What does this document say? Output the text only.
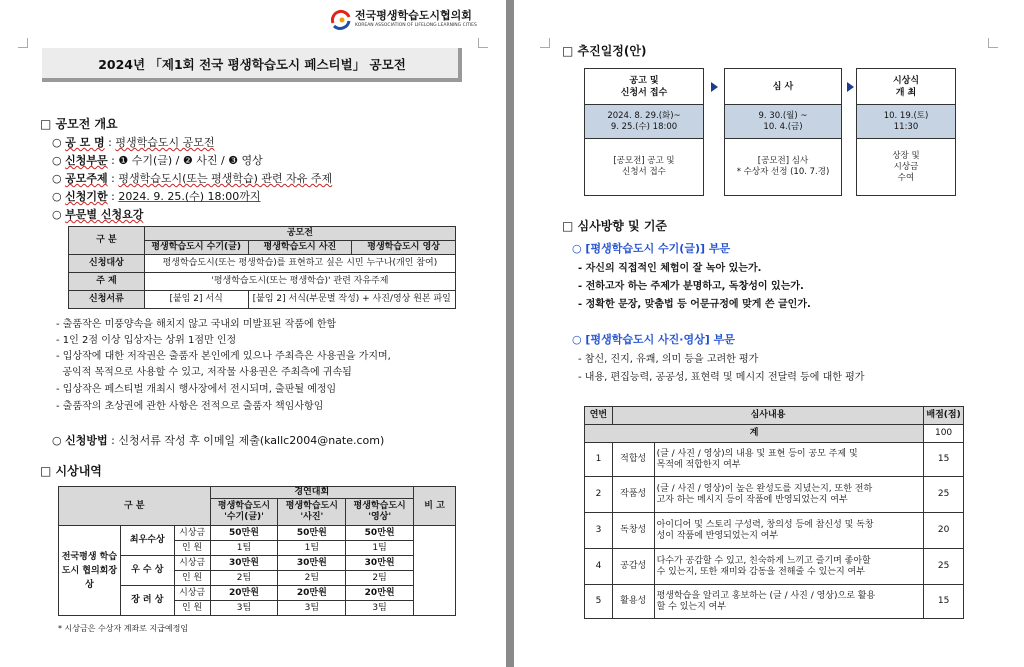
전국평생학습도시협의회
KOREAN ASSOCIATION OF LIFELONG LEARNING CITIES
2024년 「제1회 전국 평생학습도시 페스티벌」 공모전
□ 공모전 개요
○ 공 모 명 : 평생학습도시 공모전
○ 신청부문 : ❶ 수기(글) / ❷ 사진 / ❸ 영상
○ 공모주제 : 평생학습도시(또는 평생학습) 관련 자유 주제
○ 신청기한 : 2024. 9. 25.(수) 18:00까지
○ 부문별 신청요강
구 분	공모전		
	평생학습도시 수기(글)	평생학습도시 사진	평생학습도시 영상
신청대상	평생학습도시(또는 평생학습)를 표현하고 싶은 시민 누구나(개인 참여)		
주 제	'평생학습도시(또는 평생학습)' 관련 자유주제		
신청서류	[붙임 2] 서식	[붙임 2] 서식(부문별 작성) + 사진/영상 원본 파일	
- 출품작은 미풍양속을 해치지 않고 국내외 미발표된 작품에 한함
- 1인 2점 이상 입상자는 상위 1점만 인정
- 입상작에 대한 저작권은 출품자 본인에게 있으나 주최측은 사용권을 가지며,
공익적 목적으로 사용할 수 있고, 저작물 사용권은 주최측에 귀속됨
- 입상작은 페스티벌 개최시 행사장에서 전시되며, 출판될 예정임
- 출품작의 초상권에 관한 사항은 전적으로 출품자 책임사항임
○ 신청방법 : 신청서류 작성 후 이메일 제출(kallc2004@nate.com)
□ 시상내역
구 분			경연대회			비 고
			평생학습도시 '수기(글)'	평생학습도시 '사진'	평생학습도시 '영상'	
전국평생 학습도시 협의회장상	최우수상	시상금	50만원	50만원	50만원	
		인 원	1팀	1팀	1팀	
	우 수 상	시상금	30만원	30만원	30만원	
		인 원	2팀	2팀	2팀	
	장 려 상	시상금	20만원	20만원	20만원	
		인 원	3팀	3팀	3팀	
* 시상금은 수상자 계좌로 지급예정임
□ 추진일정(안)
공고 및
신청서 접수
2024. 8. 29.(화)~
9. 25.(수) 18:00
[공모전] 공고 및
신청서 접수
심 사
9. 30.(월) ~
10. 4.(금)
[공모전] 심사
* 수상자 선정 (10. 7.경)
시상식
개 최
10. 19.(토)
11:30
상장 및
시상금
수여
□ 심사방향 및 기준
○ [평생학습도시 수기(글)] 부문
- 자신의 직접적인 체험이 잘 녹아 있는가.
- 전하고자 하는 주제가 분명하고, 독창성이 있는가.
- 정확한 문장, 맞춤법 등 어문규정에 맞게 쓴 글인가.
○ [평생학습도시 사진·영상] 부문
- 참신, 진지, 유쾌, 의미 등을 고려한 평가
- 내용, 편집능력, 공공성, 표현력 및 메시지 전달력 등에 대한 평가
연번	심사내용		배점(점)
계			100
1	적합성	(글 / 사진 / 영상)의 내용 및 표현 등이 공모 주제 및
목적에 적합한지 여부	15
2	작품성	(글 / 사진 / 영상)이 높은 완성도를 지녔는지, 또한 전하
고자 하는 메시지 등이 작품에 반영되었는지 여부	25
3	독창성	아이디어 및 스토리 구성력, 창의성 등에 참신성 및 독창
성이 작품에 반영되었는지 여부	20
4	공감성	다수가 공감할 수 있고, 친숙하게 느끼고 즐기며 좋아할
수 있는지, 또한 재미와 감동을 전해줄 수 있는지 여부	25
5	활용성	평생학습을 알리고 홍보하는 (글 / 사진 / 영상)으로 활용
할 수 있는지 여부	15
